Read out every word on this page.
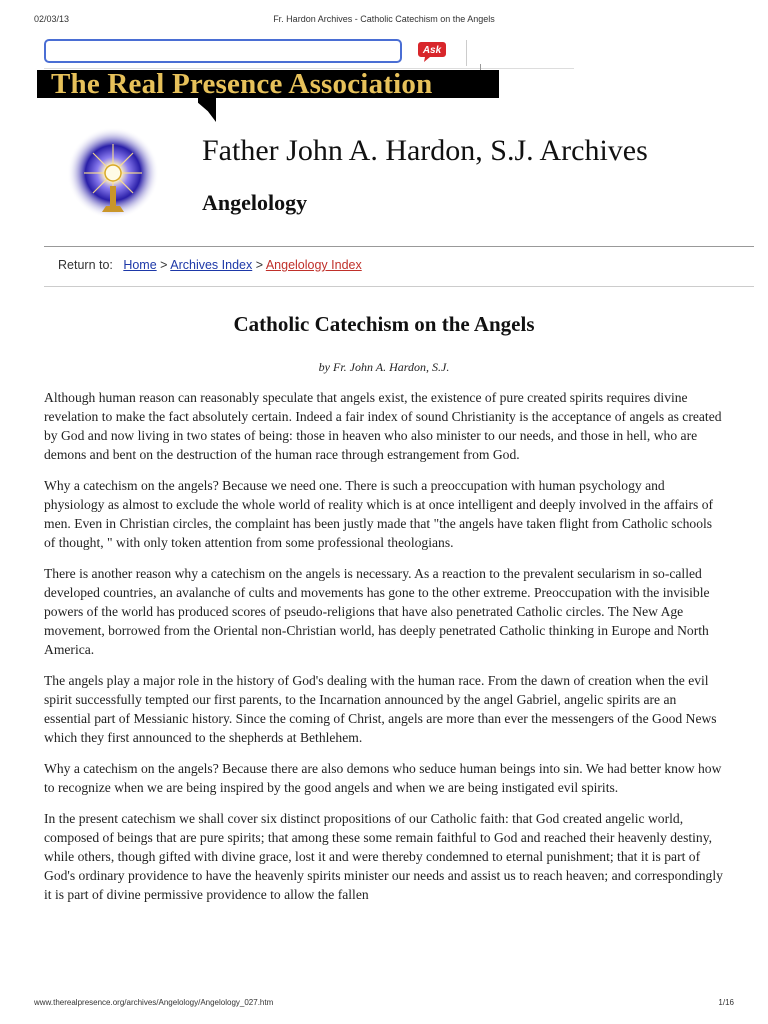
02/03/13	Fr. Hardon Archives - Catholic Catechism on the Angels
Ask
The Real Presence Association
Father John A. Hardon, S.J. Archives
Angelology
Return to: Home > Archives Index > Angelology Index
Catholic Catechism on the Angels
by Fr. John A. Hardon, S.J.

Although human reason can reasonably speculate that angels exist, the existence of pure created spirits requires divine revelation to make the fact absolutely certain. Indeed a fair index of sound Christianity is the acceptance of angels as created by God and now living in two states of being: those in heaven who also minister to our needs, and those in hell, who are demons and bent on the destruction of the human race through estrangement from God.

Why a catechism on the angels? Because we need one. There is such a preoccupation with human psychology and physiology as almost to exclude the whole world of reality which is at once intelligent and deeply involved in the affairs of men. Even in Christian circles, the complaint has been justly made that "the angels have taken flight from Catholic schools of thought, " with only token attention from some professional theologians.

There is another reason why a catechism on the angels is necessary. As a reaction to the prevalent secularism in so-called developed countries, an avalanche of cults and movements has gone to the other extreme. Preoccupation with the invisible powers of the world has produced scores of pseudo-religions that have also penetrated Catholic circles. The New Age movement, borrowed from the Oriental non-Christian world, has deeply penetrated Catholic thinking in Europe and North America.

The angels play a major role in the history of God's dealing with the human race. From the dawn of creation when the evil spirit successfully tempted our first parents, to the Incarnation announced by the angel Gabriel, angelic spirits are an essential part of Messianic history. Since the coming of Christ, angels are more than ever the messengers of the Good News which they first announced to the shepherds at Bethlehem.

Why a catechism on the angels? Because there are also demons who seduce human beings into sin. We had better know how to recognize when we are being inspired by the good angels and when we are being instigated evil spirits.

In the present catechism we shall cover six distinct propositions of our Catholic faith: that God created angelic world, composed of beings that are pure spirits; that among these some remain faithful to God and reached their heavenly destiny, while others, though gifted with divine grace, lost it and were thereby condemned to eternal punishment; that it is part of God's ordinary providence to have the heavenly spirits minister our needs and assist us to reach heaven; and correspondingly it is part of divine permissive providence to allow the fallen

www.therealpresence.org/archives/Angelology/Angelology_027.htm	1/16
